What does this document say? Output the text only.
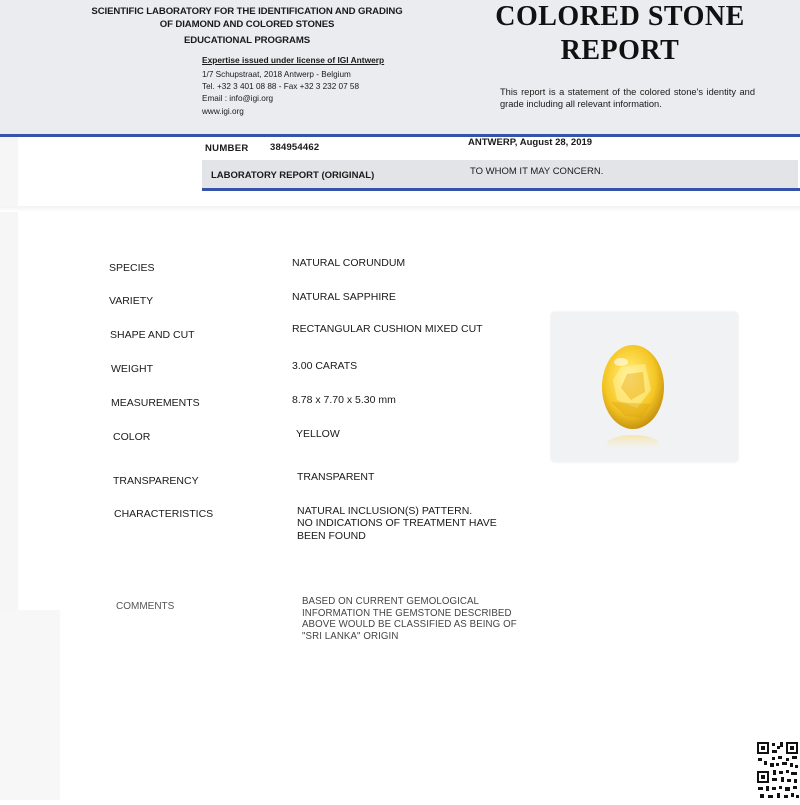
SCIENTIFIC LABORATORY FOR THE IDENTIFICATION AND GRADING
OF DIAMOND AND COLORED STONES
EDUCATIONAL PROGRAMS
Expertise issued under license of IGI Antwerp
1/7 Schupstraat, 2018 Antwerp - Belgium
Tel. +32 3 401 08 88 - Fax +32 3 232 07 58
Email : info@igi.org
www.igi.org
COLORED STONE
REPORT
This report is a statement of the colored stone's identity and grade including all relevant information.
NUMBER 384954462	ANTWERP, August 28, 2019
LABORATORY REPORT (ORIGINAL)	TO WHOM IT MAY CONCERN.
SPECIES	NATURAL CORUNDUM
VARIETY	NATURAL SAPPHIRE
SHAPE AND CUT	RECTANGULAR CUSHION MIXED CUT
WEIGHT	3.00 CARATS
MEASUREMENTS	8.78 x 7.70 x 5.30 mm
COLOR	YELLOW
TRANSPARENCY	TRANSPARENT
CHARACTERISTICS	NATURAL INCLUSION(S) PATTERN.
NO INDICATIONS OF TREATMENT HAVE
BEEN FOUND
COMMENTS	BASED ON CURRENT GEMOLOGICAL
INFORMATION THE GEMSTONE DESCRIBED
ABOVE WOULD BE CLASSIFIED AS BEING OF
"SRI LANKA" ORIGIN
